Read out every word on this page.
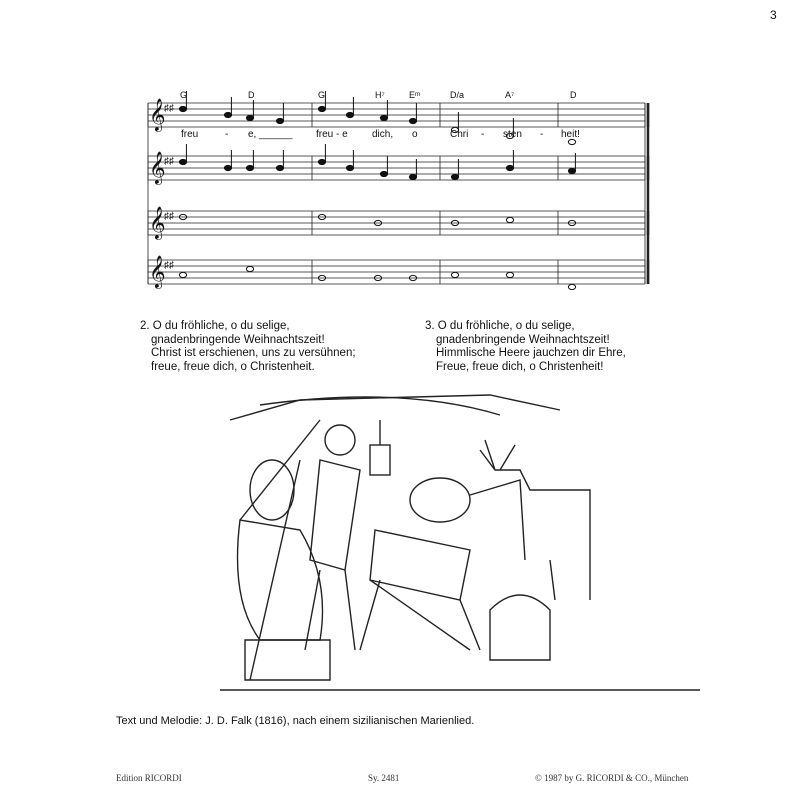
3
𝄞
♯♯
𝄞
♯♯
𝄞
♯♯
𝄞
♯♯
G	D	G	H⁷	Eᵐ	D/a	A⁷	D
freu	- e, ______ freu - e dich, o	Chri - sten - heit!
2. O du fröhliche, o du selige,
gnadenbringende Weihnachtszeit!
Christ ist erschienen, uns zu versühnen;
freue, freue dich, o Christenheit.
3. O du fröhliche, o du selige,
gnadenbringende Weihnachtszeit!
Himmlische Heere jauchzen dir Ehre,
Freue, freue dich, o Christenheit!
Text und Melodie: J. D. Falk (1816), nach einem sizilianischen Marienlied.
Edition RICORDI	Sy. 2481	© 1987 by G. RICORDI & CO., München
